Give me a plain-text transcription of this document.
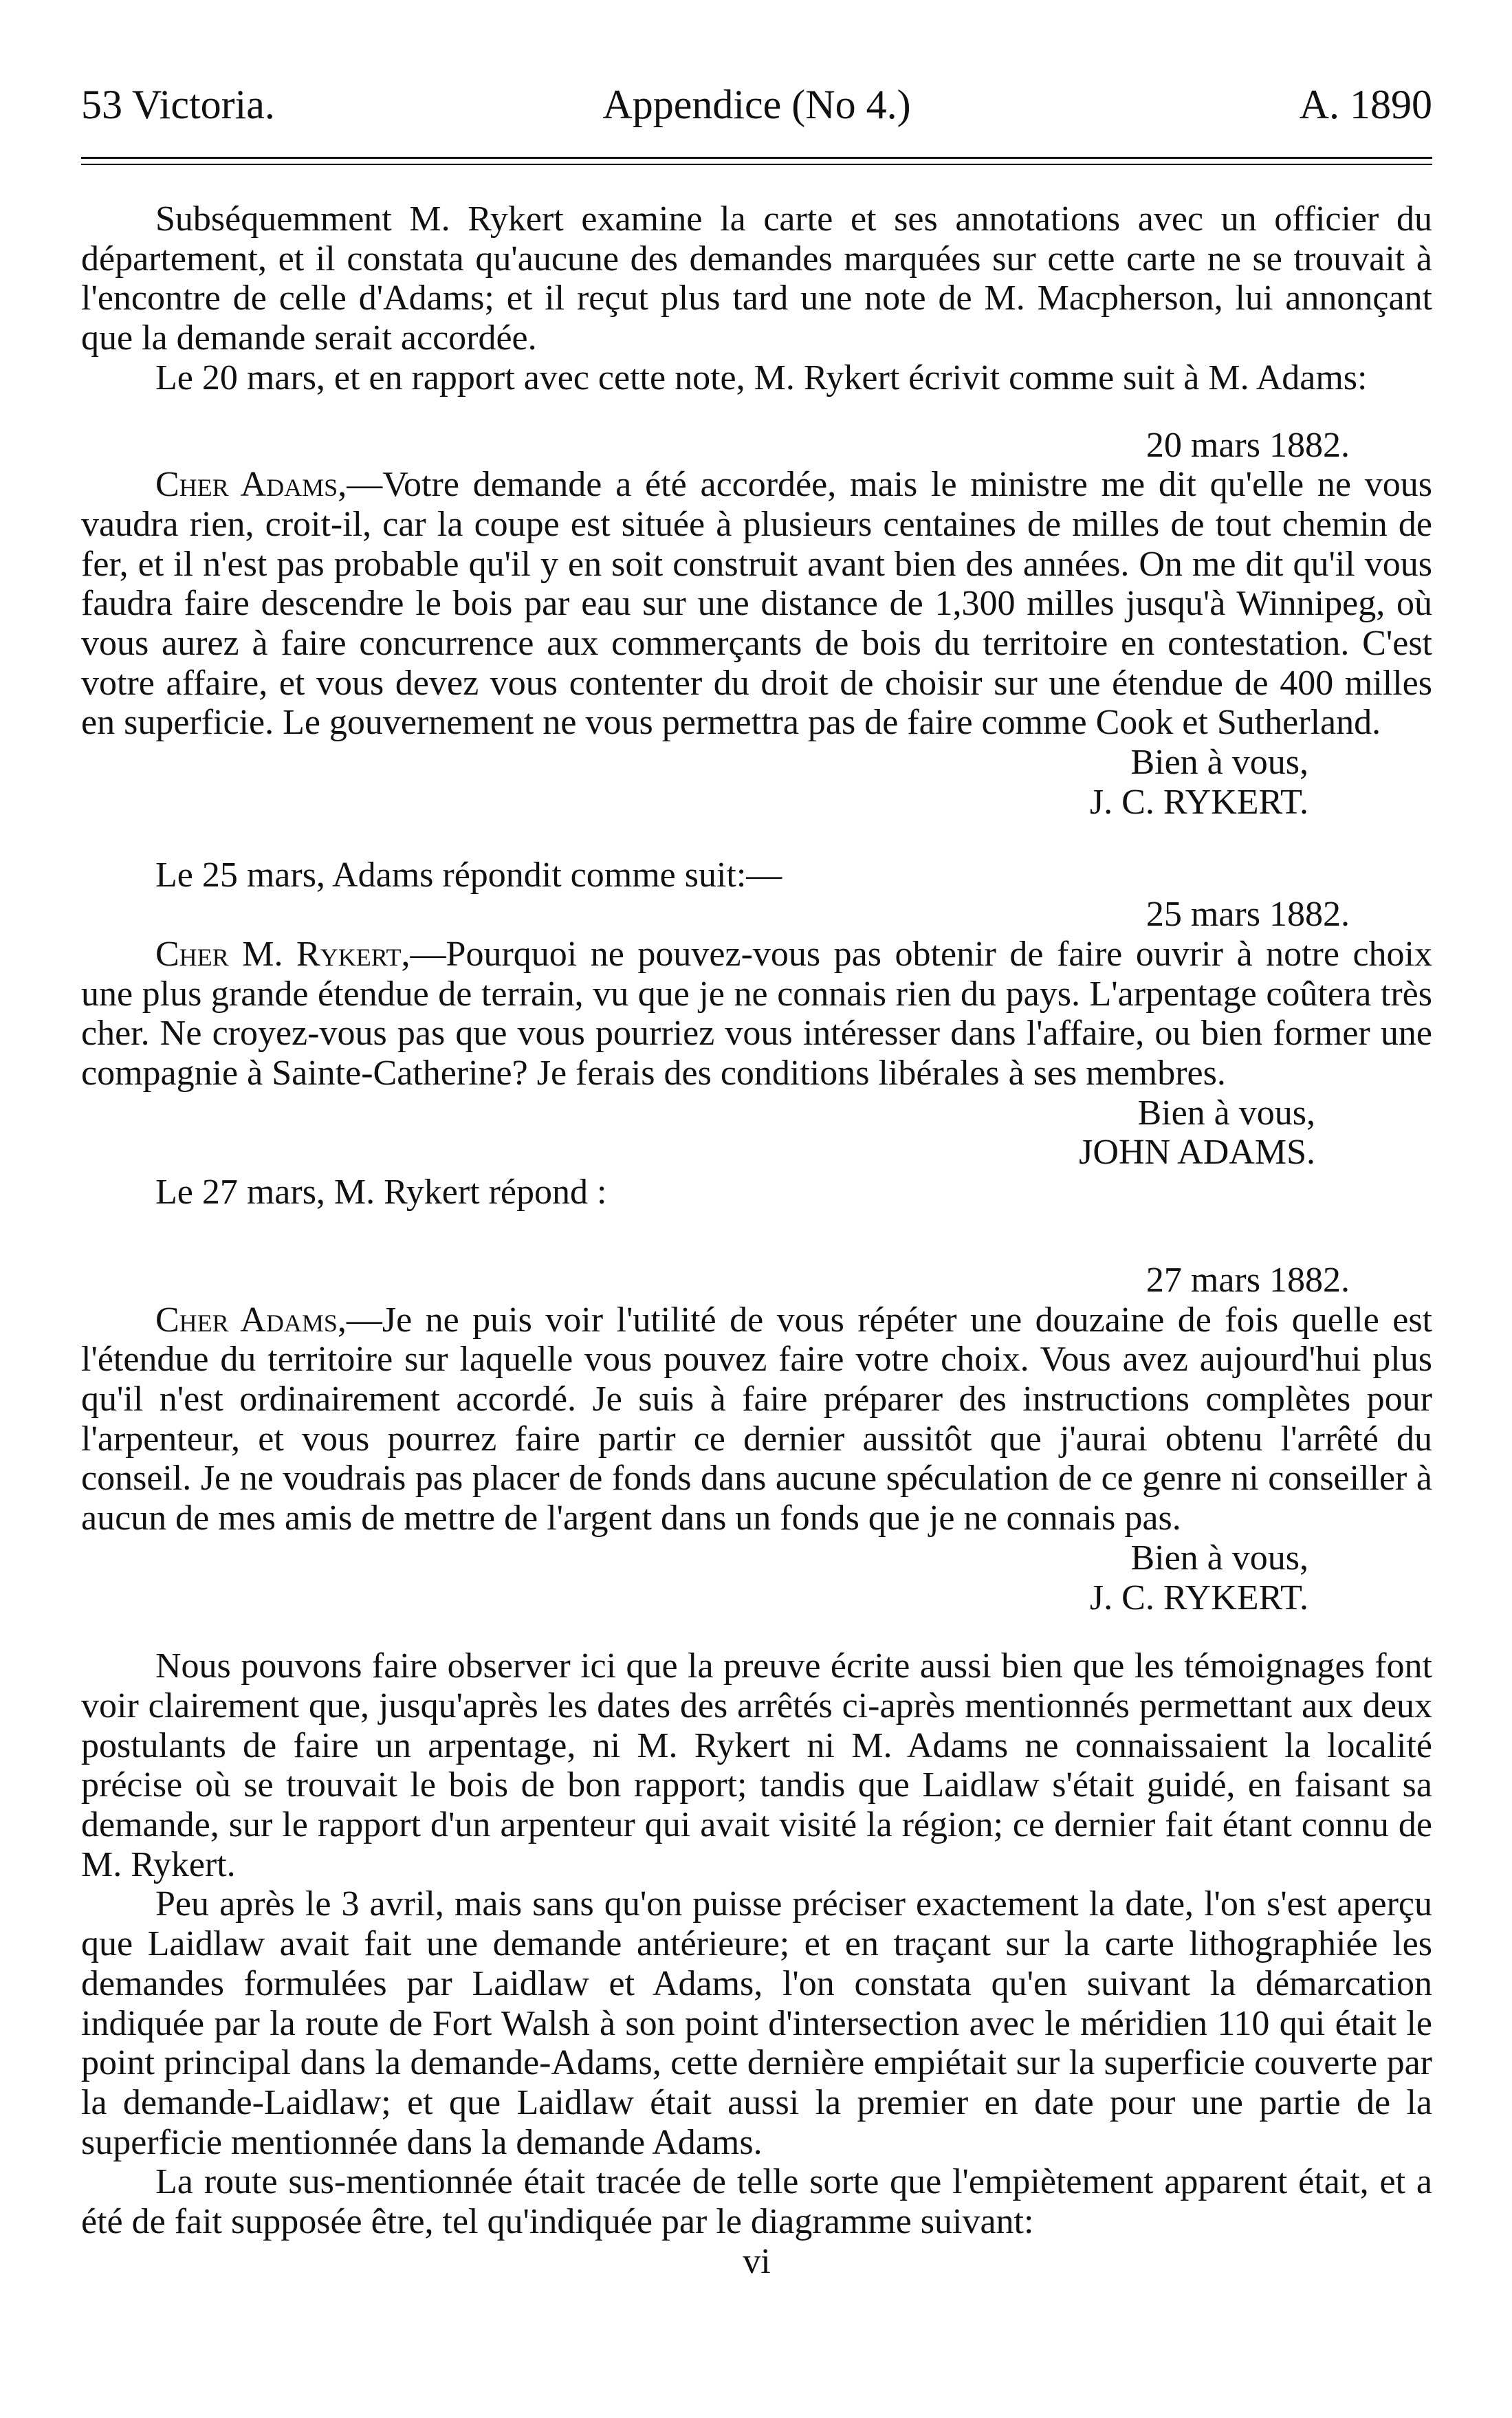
53 Victoria.	Appendice (No 4.)	A. 1890

Subséquemment M. Rykert examine la carte et ses annotations avec un officier du département, et il constata qu'aucune des demandes marquées sur cette carte ne se trouvait à l'encontre de celle d'Adams; et il reçut plus tard une note de M. Macpherson, lui annonçant que la demande serait accordée.

Le 20 mars, et en rapport avec cette note, M. Rykert écrivit comme suit à M. Adams:

20 mars 1882.

Cher Adams,—Votre demande a été accordée, mais le ministre me dit qu'elle ne vous vaudra rien, croit-il, car la coupe est située à plusieurs centaines de milles de tout chemin de fer, et il n'est pas probable qu'il y en soit construit avant bien des années. On me dit qu'il vous faudra faire descendre le bois par eau sur une distance de 1,300 milles jusqu'à Winnipeg, où vous aurez à faire concurrence aux commerçants de bois du territoire en contestation. C'est votre affaire, et vous devez vous contenter du droit de choisir sur une étendue de 400 milles en superficie. Le gouvernement ne vous permettra pas de faire comme Cook et Sutherland.

Bien à vous,

J. C. RYKERT.

Le 25 mars, Adams répondit comme suit:—

25 mars 1882.

Cher M. Rykert,—Pourquoi ne pouvez-vous pas obtenir de faire ouvrir à notre choix une plus grande étendue de terrain, vu que je ne connais rien du pays. L'arpentage coûtera très cher. Ne croyez-vous pas que vous pourriez vous intéresser dans l'affaire, ou bien former une compagnie à Sainte-Catherine? Je ferais des conditions libérales à ses membres.

Bien à vous,

JOHN ADAMS.

Le 27 mars, M. Rykert répond :

27 mars 1882.

Cher Adams,—Je ne puis voir l'utilité de vous répéter une douzaine de fois quelle est l'étendue du territoire sur laquelle vous pouvez faire votre choix. Vous avez aujourd'hui plus qu'il n'est ordinairement accordé. Je suis à faire préparer des instructions complètes pour l'arpenteur, et vous pourrez faire partir ce dernier aussitôt que j'aurai obtenu l'arrêté du conseil. Je ne voudrais pas placer de fonds dans aucune spéculation de ce genre ni conseiller à aucun de mes amis de mettre de l'argent dans un fonds que je ne connais pas.

Bien à vous,

J. C. RYKERT.

Nous pouvons faire observer ici que la preuve écrite aussi bien que les témoignages font voir clairement que, jusqu'après les dates des arrêtés ci-après mentionnés permettant aux deux postulants de faire un arpentage, ni M. Rykert ni M. Adams ne connaissaient la localité précise où se trouvait le bois de bon rapport; tandis que Laidlaw s'était guidé, en faisant sa demande, sur le rapport d'un arpenteur qui avait visité la région; ce dernier fait étant connu de M. Rykert.

Peu après le 3 avril, mais sans qu'on puisse préciser exactement la date, l'on s'est aperçu que Laidlaw avait fait une demande antérieure; et en traçant sur la carte lithographiée les demandes formulées par Laidlaw et Adams, l'on constata qu'en suivant la démarcation indiquée par la route de Fort Walsh à son point d'intersection avec le méridien 110 qui était le point principal dans la demande-Adams, cette dernière empiétait sur la superficie couverte par la demande-Laidlaw; et que Laidlaw était aussi la premier en date pour une partie de la superficie mentionnée dans la demande Adams.

La route sus-mentionnée était tracée de telle sorte que l'empiètement apparent était, et a été de fait supposée être, tel qu'indiquée par le diagramme suivant:

vi
